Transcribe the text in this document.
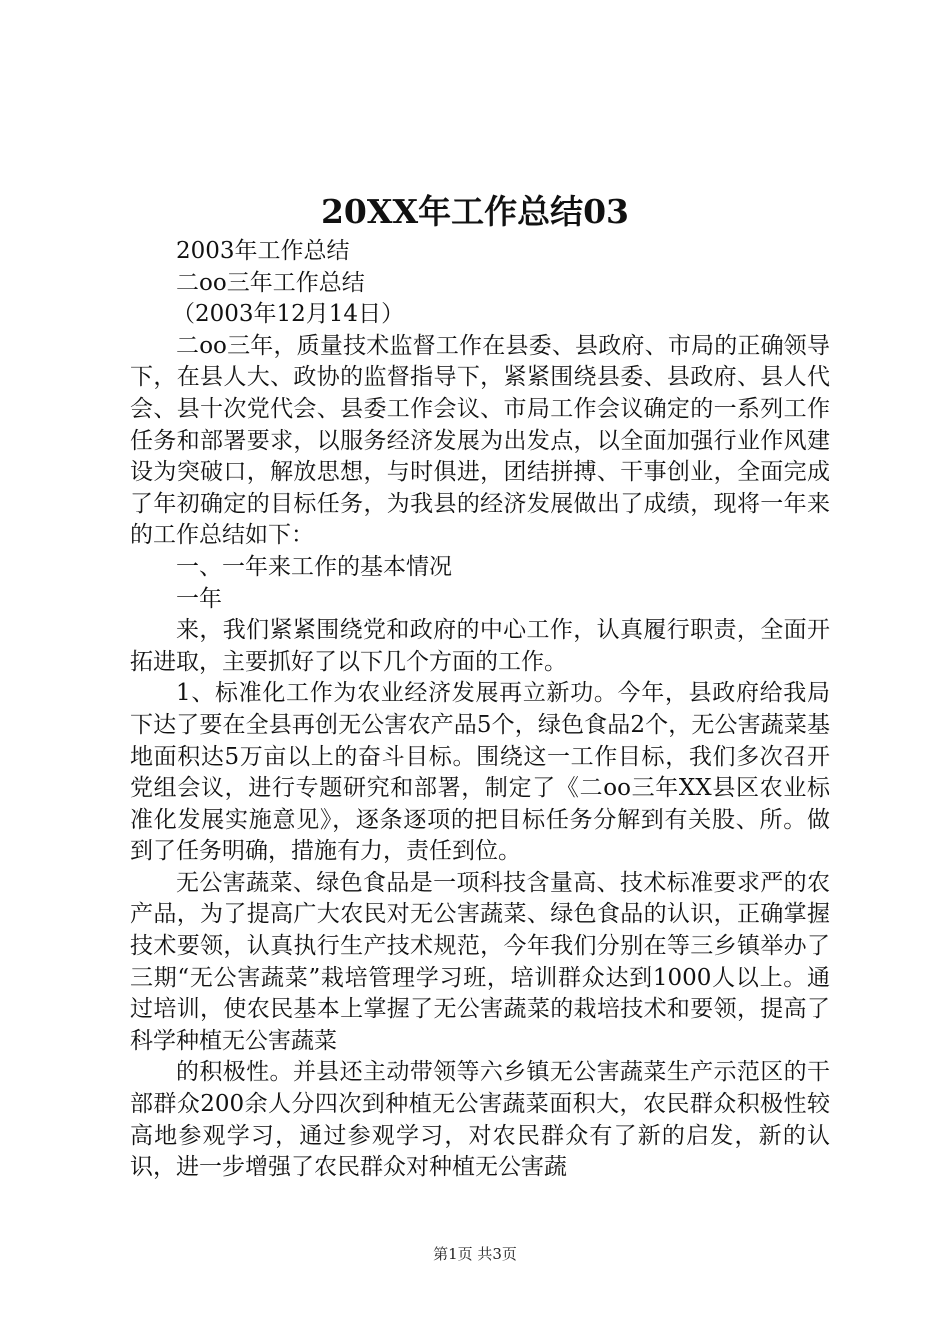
20XX年工作总结03

2003年工作总结

二oo三年工作总结

（2003年12月14日）

二oo三年，质量技术监督工作在县委、县政府、市局的正确领导下，在县人大、政协的监督指导下，紧紧围绕县委、县政府、县人代会、县十次党代会、县委工作会议、市局工作会议确定的一系列工作任务和部署要求，以服务经济发展为出发点，以全面加强行业作风建设为突破口，解放思想，与时俱进，团结拼搏、干事创业，全面完成了年初确定的目标任务，为我县的经济发展做出了成绩，现将一年来的工作总结如下：

一、一年来工作的基本情况

一年

来，我们紧紧围绕党和政府的中心工作，认真履行职责，全面开拓进取，主要抓好了以下几个方面的工作。

1、标准化工作为农业经济发展再立新功。今年，县政府给我局下达了要在全县再创无公害农产品5个，绿色食品2个，无公害蔬菜基地面积达5万亩以上的奋斗目标。围绕这一工作目标，我们多次召开党组会议，进行专题研究和部署，制定了《二oo三年XX县区农业标准化发展实施意见》，逐条逐项的把目标任务分解到有关股、所。做到了任务明确，措施有力，责任到位。

无公害蔬菜、绿色食品是一项科技含量高、技术标准要求严的农产品，为了提高广大农民对无公害蔬菜、绿色食品的认识，正确掌握技术要领，认真执行生产技术规范，今年我们分别在等三乡镇举办了三期“无公害蔬菜”栽培管理学习班，培训群众达到1000人以上。通过培训，使农民基本上掌握了无公害蔬菜的栽培技术和要领，提高了科学种植无公害蔬菜

的积极性。并县还主动带领等六乡镇无公害蔬菜生产示范区的干部群众200余人分四次到种植无公害蔬菜面积大，农民群众积极性较高地参观学习，通过参观学习，对农民群众有了新的启发，新的认识，进一步增强了农民群众对种植无公害蔬

第1页 共3页
